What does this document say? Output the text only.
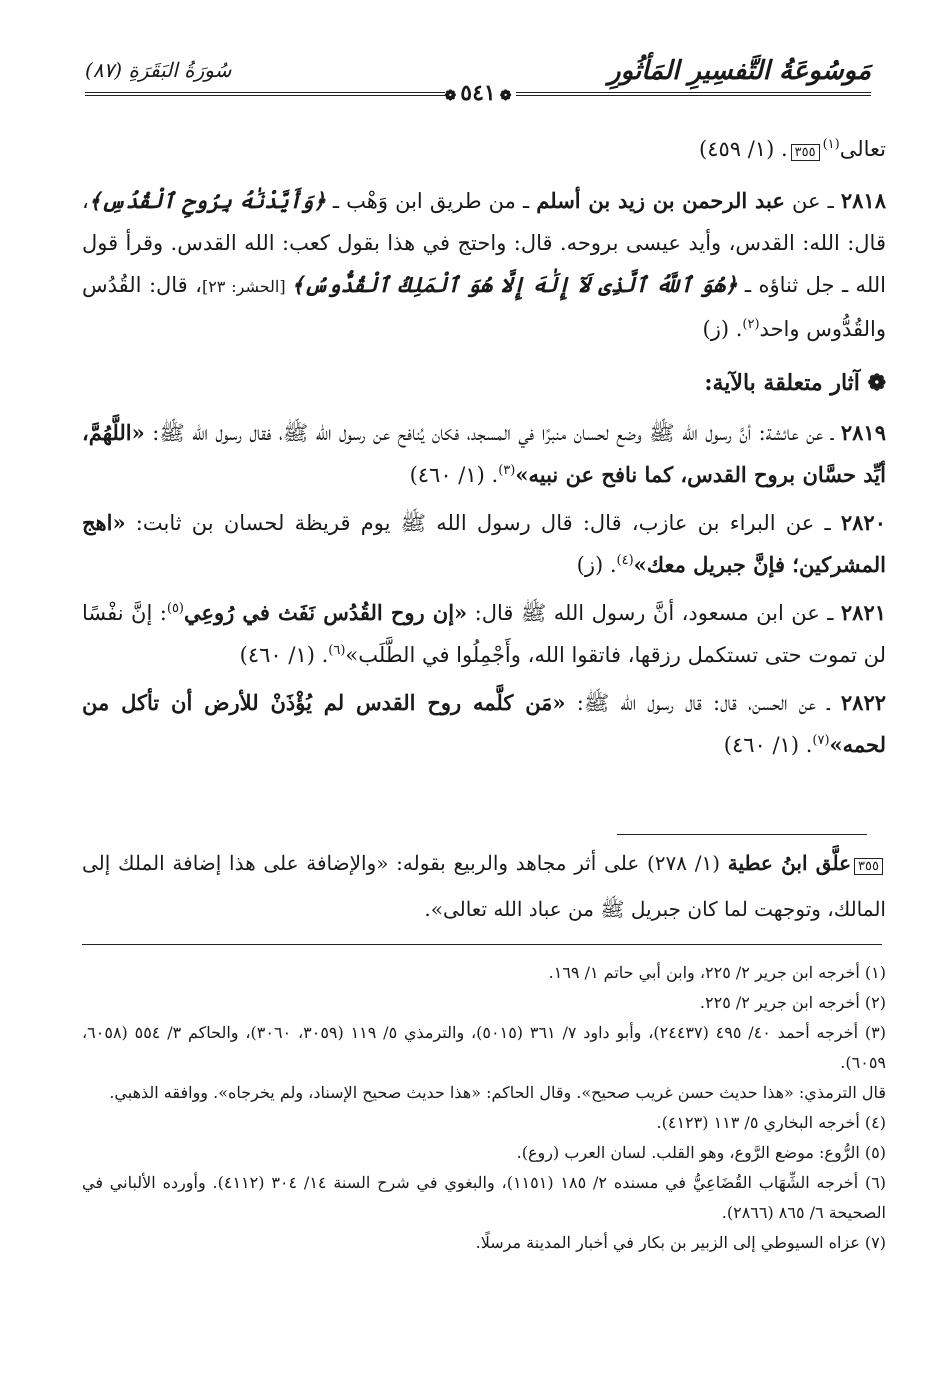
مَوسُوعَةُ التَّفسِيرِ المَأثُورِ
سُورَةُ البَقَرَةِ (٨٧)
❁٥٤١❁

تعالى$^{(١)}$٣٥٥. (١/ ٤٥٩)

٢٨١٨ ـ عن عبد الرحمن بن زيد بن أسلم ـ من طريق ابن وَهْب ـ ﴿وَأَيَّدْنَٰهُ بِرُوحِ ٱلْقُدُسِ﴾، قال: الله: القدس، وأيد عيسى بروحه. قال: واحتج في هذا بقول كعب: الله القدس. وقرأ قول الله ـ جل ثناؤه ـ ﴿هُوَ ٱللَّهُ ٱلَّذِى لَآ إِلَٰهَ إِلَّا هُوَ ٱلْمَلِكُ ٱلْقُدُّوسُ﴾ [الحشر: ٢٣]، قال: القُدُس والقُدُّوس واحد$^{(٢)}$. (ز)

❁ آثار متعلقة بالآية:

٢٨١٩ ـ عن عائشة: أنَّ رسول الله ﷺ وضع لحسان منبرًا في المسجد، فكان يُنافح عن رسول الله ﷺ، فقال رسول الله ﷺ: «اللَّهُمَّ، أيِّد حسَّان بروح القدس، كما نافح عن نبيه»$^{(٣)}$. (١/ ٤٦٠)

٢٨٢٠ ـ عن البراء بن عازب، قال: قال رسول الله ﷺ يوم قريظة لحسان بن ثابت: «اهج المشركين؛ فإنَّ جبريل معك»$^{(٤)}$. (ز)

٢٨٢١ ـ عن ابن مسعود، أنَّ رسول الله ﷺ قال: «إن روح القُدُس نَفَث في رُوعِي$^{(٥)}$: إنَّ نفْسًا لن تموت حتى تستكمل رزقها، فاتقوا الله، وأَجْمِلُوا في الطَّلَب»$^{(٦)}$. (١/ ٤٦٠)

٢٨٢٢ ـ عن الحسن، قال: قال رسول الله ﷺ: «مَن كلَّمه روح القدس لم يُؤْذَنْ للأرض أن تأكل من لحمه»$^{(٧)}$. (١/ ٤٦٠)

٣٥٥علَّق ابنُ عطية (١/ ٢٧٨) على أثر مجاهد والربيع بقوله: «والإضافة على هذا إضافة الملك إلى المالك، وتوجهت لما كان جبريل ﷺ من عباد الله تعالى».
(١) أخرجه ابن جرير ٢/ ٢٢٥، وابن أبي حاتم ١/ ١٦٩.
(٢) أخرجه ابن جرير ٢/ ٢٢٥.
(٣) أخرجه أحمد ٤٠/ ٤٩٥ (٢٤٤٣٧)، وأبو داود ٧/ ٣٦١ (٥٠١٥)، والترمذي ٥/ ١١٩ (٣٠٥٩، ٣٠٦٠)، والحاكم ٣/ ٥٥٤ (٦٠٥٨، ٦٠٥٩).
قال الترمذي: «هذا حديث حسن غريب صحيح». وقال الحاكم: «هذا حديث صحيح الإسناد، ولم يخرجاه». ووافقه الذهبي.
(٤) أخرجه البخاري ٥/ ١١٣ (٤١٢٣).
(٥) الرُّوع: موضع الرَّوع، وهو القلب. لسان العرب (روع).
(٦) أخرجه الشِّهَاب القُضَاعِيُّ في مسنده ٢/ ١٨٥ (١١٥١)، والبغوي في شرح السنة ١٤/ ٣٠٤ (٤١١٢). وأورده الألباني في الصحيحة ٦/ ٨٦٥ (٢٨٦٦).
(٧) عزاه السيوطي إلى الزبير بن بكار في أخبار المدينة مرسلًا.
